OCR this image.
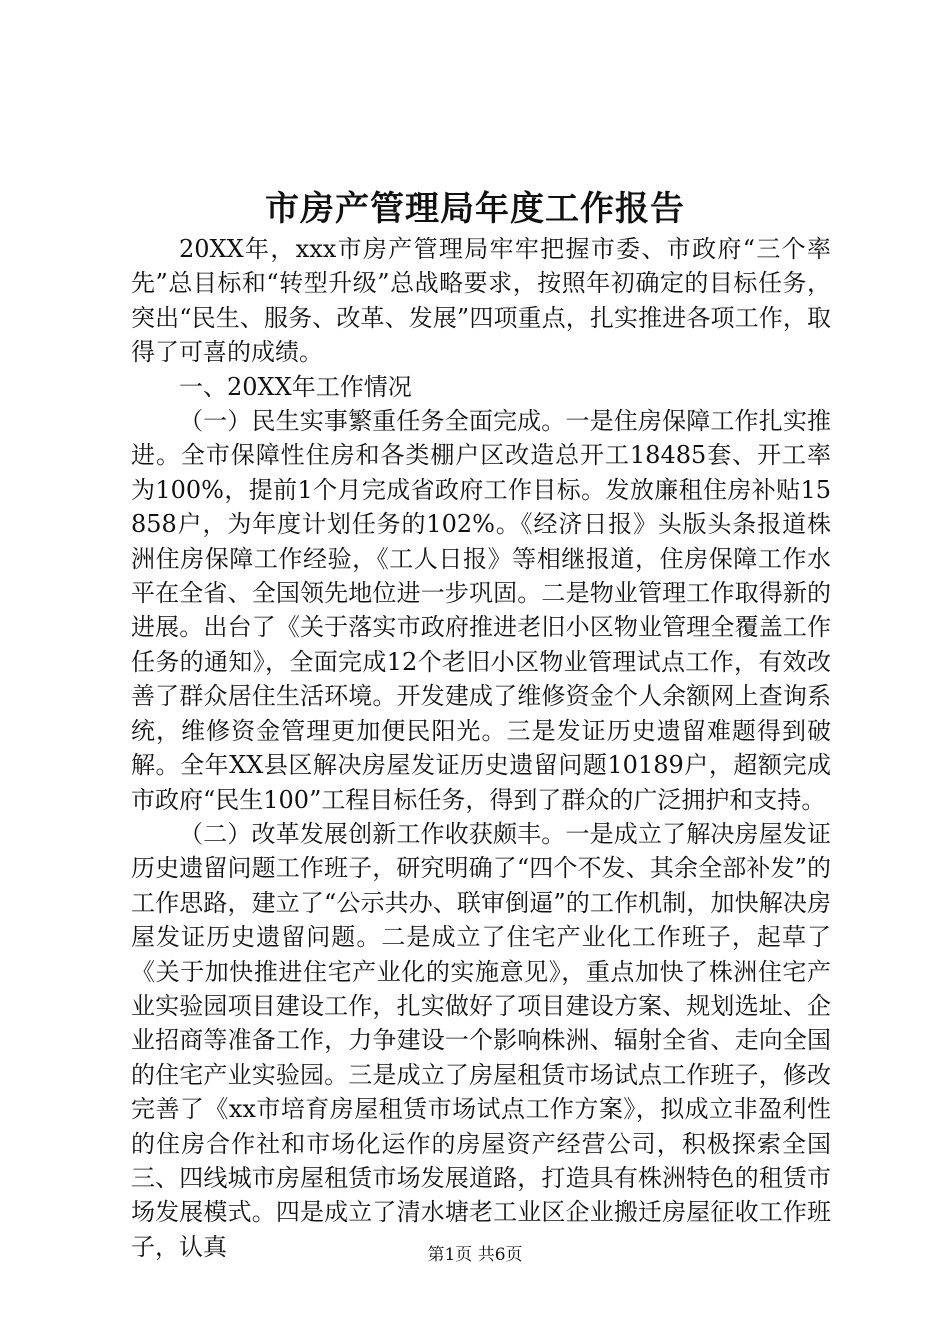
市房产管理局年度工作报告

20XX年，xxx市房产管理局牢牢把握市委、市政府“三个率先”总目标和“转型升级”总战略要求，按照年初确定的目标任务，突出“民生、服务、改革、发展”四项重点，扎实推进各项工作，取得了可喜的成绩。

一、20XX年工作情况

（一）民生实事繁重任务全面完成。一是住房保障工作扎实推进。全市保障性住房和各类棚户区改造总开工18485套、开工率为100%，提前1个月完成省政府工作目标。发放廉租住房补贴15858户，为年度计划任务的102%。《经济日报》头版头条报道株洲住房保障工作经验，《工人日报》等相继报道，住房保障工作水平在全省、全国领先地位进一步巩固。二是物业管理工作取得新的进展。出台了《关于落实市政府推进老旧小区物业管理全覆盖工作任务的通知》，全面完成12个老旧小区物业管理试点工作，有效改善了群众居住生活环境。开发建成了维修资金个人余额网上查询系统，维修资金管理更加便民阳光。三是发证历史遗留难题得到破解。全年XX县区解决房屋发证历史遗留问题10189户，超额完成市政府“民生100”工程目标任务，得到了群众的广泛拥护和支持。

（二）改革发展创新工作收获颇丰。一是成立了解决房屋发证历史遗留问题工作班子，研究明确了“四个不发、其余全部补发”的工作思路，建立了“公示共办、联审倒逼”的工作机制，加快解决房屋发证历史遗留问题。二是成立了住宅产业化工作班子，起草了《关于加快推进住宅产业化的实施意见》，重点加快了株洲住宅产业实验园项目建设工作，扎实做好了项目建设方案、规划选址、企业招商等准备工作，力争建设一个影响株洲、辐射全省、走向全国的住宅产业实验园。三是成立了房屋租赁市场试点工作班子，修改完善了《xx市培育房屋租赁市场试点工作方案》，拟成立非盈利性的住房合作社和市场化运作的房屋资产经营公司，积极探索全国三、四线城市房屋租赁市场发展道路，打造具有株洲特色的租赁市场发展模式。四是成立了清水塘老工业区企业搬迁房屋征收工作班子，认真	第1页 共6页
